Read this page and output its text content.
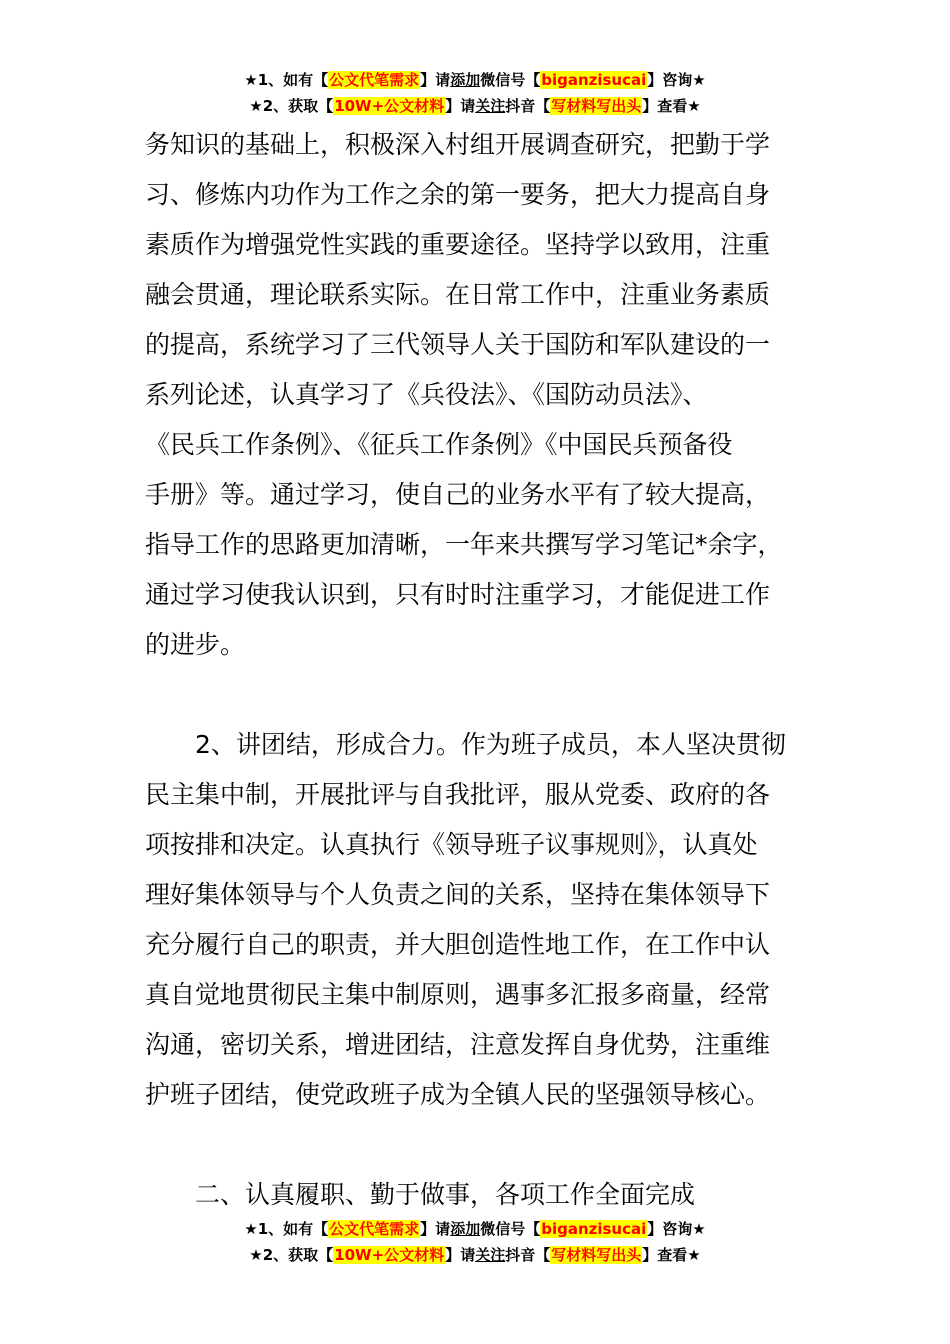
★1、如有【公文代笔需求】请添加微信号【biganzisucai】咨询★
★2、获取【10W+公文材料】请关注抖音【写材料写出头】查看★

务知识的基础上，积极深入村组开展调查研究，把勤于学

习、修炼内功作为工作之余的第一要务，把大力提高自身

素质作为增强党性实践的重要途径。坚持学以致用，注重

融会贯通，理论联系实际。在日常工作中，注重业务素质

的提高，系统学习了三代领导人关于国防和军队建设的一

系列论述，认真学习了《兵役法》、《国防动员法》、

《民兵工作条例》、《征兵工作条例》《中国民兵预备役

手册》等。通过学习，使自己的业务水平有了较大提高，

指导工作的思路更加清晰，一年来共撰写学习笔记*余字，

通过学习使我认识到，只有时时注重学习，才能促进工作

的进步。

2、讲团结，形成合力。作为班子成员，本人坚决贯彻

民主集中制，开展批评与自我批评，服从党委、政府的各

项按排和决定。认真执行《领导班子议事规则》，认真处

理好集体领导与个人负责之间的关系，坚持在集体领导下

充分履行自己的职责，并大胆创造性地工作，在工作中认

真自觉地贯彻民主集中制原则，遇事多汇报多商量，经常

沟通，密切关系，增进团结，注意发挥自身优势，注重维

护班子团结，使党政班子成为全镇人民的坚强领导核心。

二、认真履职、勤于做事，各项工作全面完成

★1、如有【公文代笔需求】请添加微信号【biganzisucai】咨询★
★2、获取【10W+公文材料】请关注抖音【写材料写出头】查看★
